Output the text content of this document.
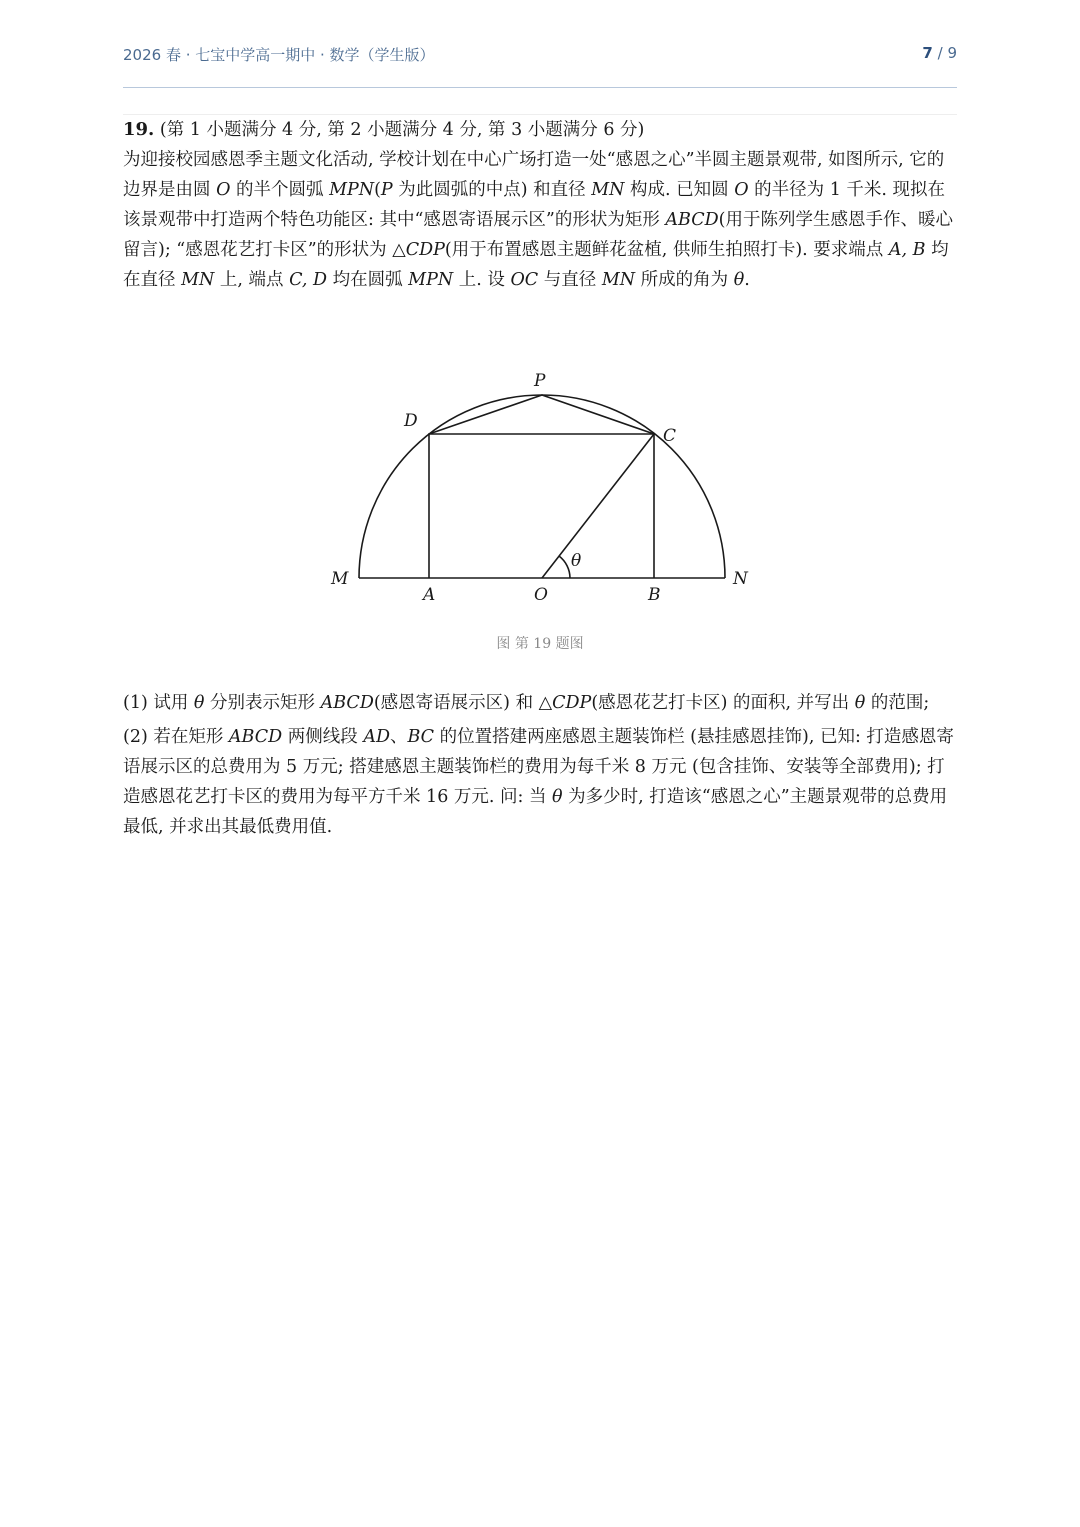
2026 春 · 七宝中学高一期中 · 数学（学生版）	7 / 9

19. (第 1 小题满分 4 分, 第 2 小题满分 4 分, 第 3 小题满分 6 分)

为迎接校园感恩季主题文化活动, 学校计划在中心广场打造一处“感恩之心”半圆主题景观带, 如图所示, 它的边界是由圆 O 的半个圆弧 MPN(P 为此圆弧的中点) 和直径 MN 构成. 已知圆 O 的半径为 1 千米. 现拟在该景观带中打造两个特色功能区: 其中“感恩寄语展示区”的形状为矩形 ABCD(用于陈列学生感恩手作、暖心留言); “感恩花艺打卡区”的形状为 △CDP(用于布置感恩主题鲜花盆植, 供师生拍照打卡). 要求端点 A, B 均在直径 MN 上, 端点 C, D 均在圆弧 MPN 上. 设 OC 与直径 MN 所成的角为 θ.

P
D
C
M	N
A	O	B
θ
图 第 19 题图

(1) 试用 θ 分别表示矩形 ABCD(感恩寄语展示区) 和 △CDP(感恩花艺打卡区) 的面积, 并写出 θ 的范围;

(2) 若在矩形 ABCD 两侧线段 AD、BC 的位置搭建两座感恩主题装饰栏 (悬挂感恩挂饰), 已知: 打造感恩寄语展示区的总费用为 5 万元; 搭建感恩主题装饰栏的费用为每千米 8 万元 (包含挂饰、安装等全部费用); 打造感恩花艺打卡区的费用为每平方千米 16 万元. 问: 当 θ 为多少时, 打造该“感恩之心”主题景观带的总费用最低, 并求出其最低费用值.
